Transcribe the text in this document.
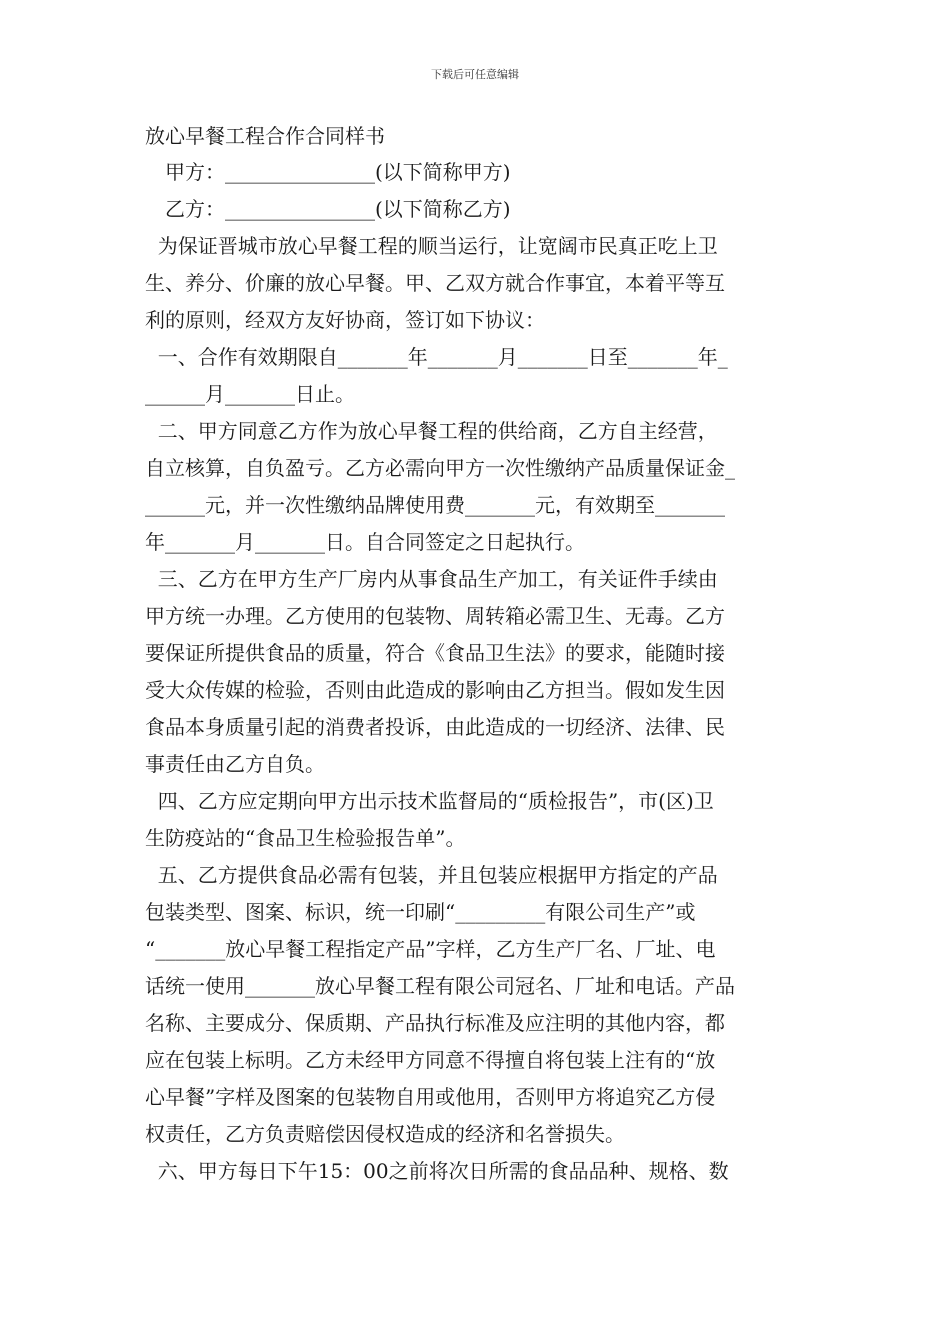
下载后可任意编辑
放心早餐工程合作合同样书
甲方：_______________(以下简称甲方)
乙方：_______________(以下简称乙方)
为保证晋城市放心早餐工程的顺当运行，让宽阔市民真正吃上卫
生、养分、价廉的放心早餐。甲、乙双方就合作事宜，本着平等互
利的原则，经双方友好协商，签订如下协议：
一、合作有效期限自_______年_______月_______日至_______年_
______月_______日止。
二、甲方同意乙方作为放心早餐工程的供给商，乙方自主经营，
自立核算，自负盈亏。乙方必需向甲方一次性缴纳产品质量保证金_
______元，并一次性缴纳品牌使用费_______元，有效期至_______
年_______月_______日。自合同签定之日起执行。
三、乙方在甲方生产厂房内从事食品生产加工，有关证件手续由
甲方统一办理。乙方使用的包装物、周转箱必需卫生、无毒。乙方
要保证所提供食品的质量，符合《食品卫生法》的要求，能随时接
受大众传媒的检验，否则由此造成的影响由乙方担当。假如发生因
食品本身质量引起的消费者投诉，由此造成的一切经济、法律、民
事责任由乙方自负。
四、乙方应定期向甲方出示技术监督局的“质检报告”，市(区)卫
生防疫站的“食品卫生检验报告单”。
五、乙方提供食品必需有包装，并且包装应根据甲方指定的产品
包装类型、图案、标识，统一印刷“_________有限公司生产”或
“_______放心早餐工程指定产品”字样，乙方生产厂名、厂址、电
话统一使用_______放心早餐工程有限公司冠名、厂址和电话。产品
名称、主要成分、保质期、产品执行标准及应注明的其他内容，都
应在包装上标明。乙方未经甲方同意不得擅自将包装上注有的“放
心早餐”字样及图案的包装物自用或他用，否则甲方将追究乙方侵
权责任，乙方负责赔偿因侵权造成的经济和名誉损失。
六、甲方每日下午15：00之前将次日所需的食品品种、规格、数
